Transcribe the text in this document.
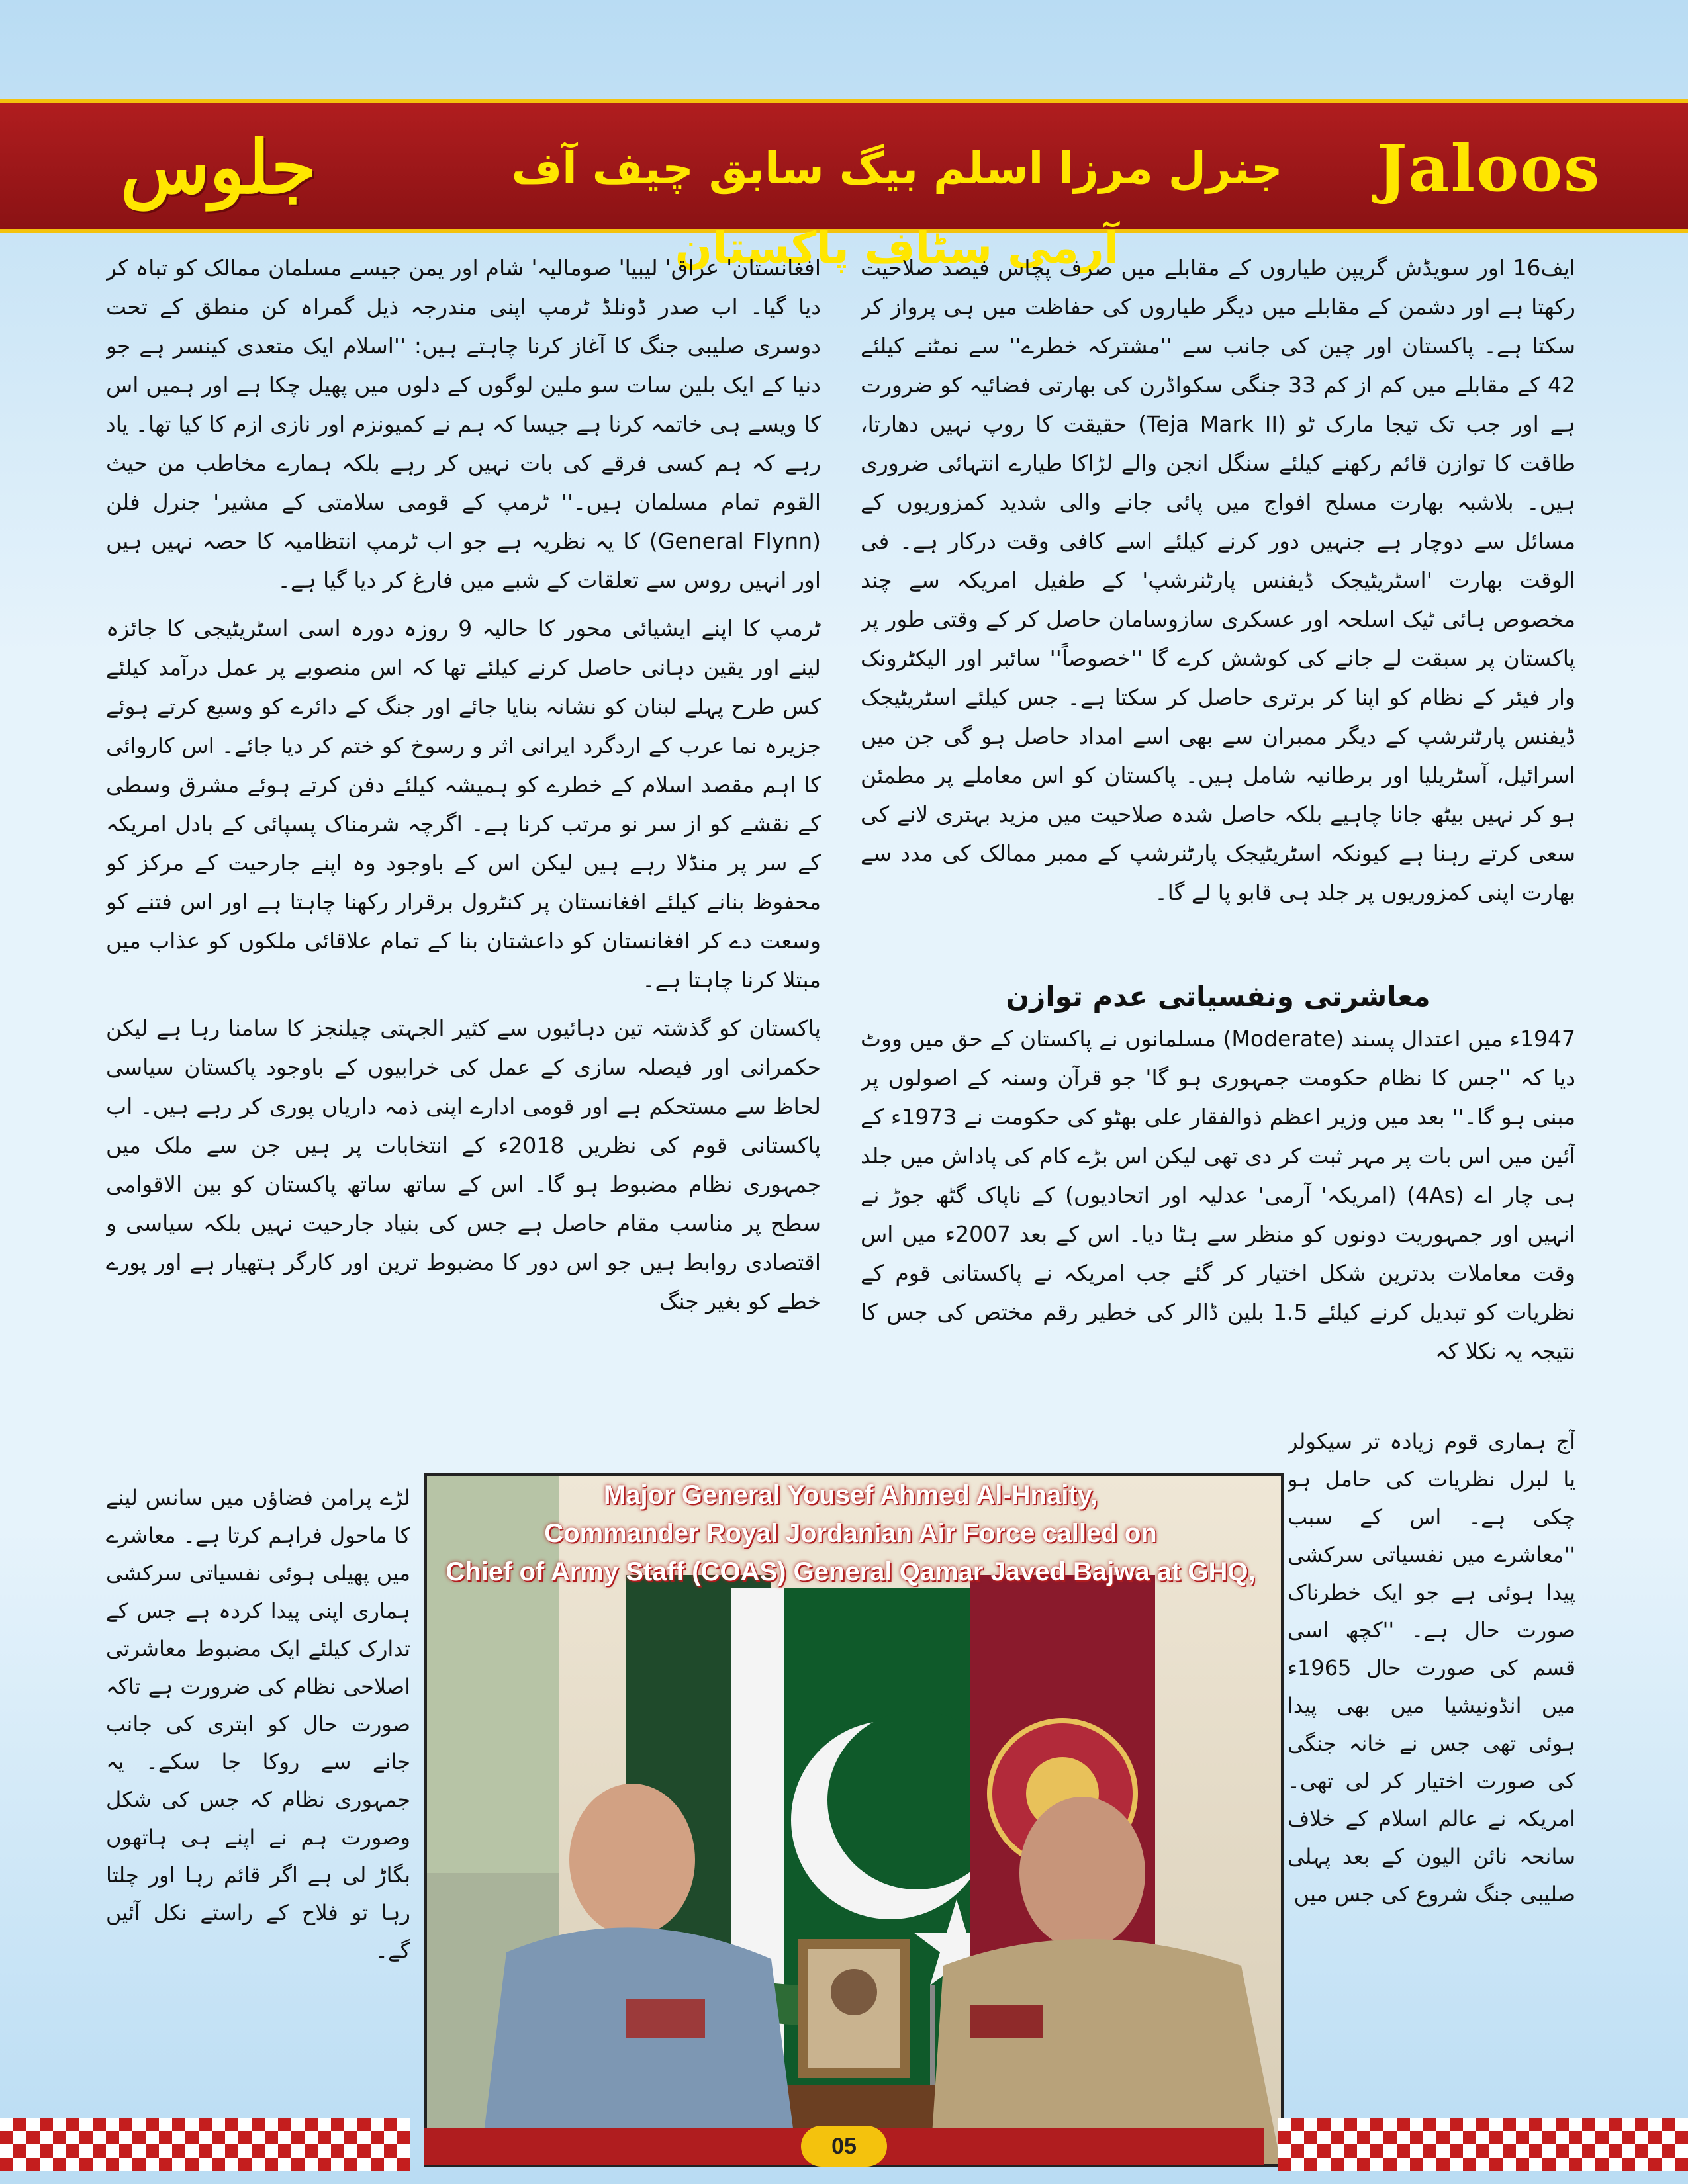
جلوس	جنرل مرزا اسلم بیگ سابق چیف آف آرمی سٹاف پاکستان
Jaloos

ایف16 اور سویڈش گریپن طیاروں کے مقابلے میں صرف پچاس فیصد صلاحیت رکھتا ہے اور دشمن کے مقابلے میں دیگر طیاروں کی حفاظت میں ہی پرواز کر سکتا ہے۔ پاکستان اور چین کی جانب سے ''مشترکہ خطرے'' سے نمٹنے کیلئے 42 کے مقابلے میں کم از کم 33 جنگی سکواڈرن کی بھارتی فضائیہ کو ضرورت ہے اور جب تک تیجا مارک ٹو (Teja Mark II) حقیقت کا روپ نہیں دھارتا، طاقت کا توازن قائم رکھنے کیلئے سنگل انجن والے لڑاکا طیارے انتہائی ضروری ہیں۔ بلاشبہ بھارت مسلح افواج میں پائی جانے والی شدید کمزوریوں کے مسائل سے دوچار ہے جنہیں دور کرنے کیلئے اسے کافی وقت درکار ہے۔ فی الوقت بھارت 'اسٹریٹیجک ڈیفنس پارٹنرشپ' کے طفیل امریکہ سے چند مخصوص ہائی ٹیک اسلحہ اور عسکری سازوسامان حاصل کر کے وقتی طور پر پاکستان پر سبقت لے جانے کی کوشش کرے گا ''خصوصاً'' سائبر اور الیکٹرونک وار فیئر کے نظام کو اپنا کر برتری حاصل کر سکتا ہے۔ جس کیلئے اسٹریٹیجک ڈیفنس پارٹنرشپ کے دیگر ممبران سے بھی اسے امداد حاصل ہو گی جن میں اسرائیل، آسٹریلیا اور برطانیہ شامل ہیں۔ پاکستان کو اس معاملے پر مطمئن ہو کر نہیں بیٹھ جانا چاہیے بلکہ حاصل شدہ صلاحیت میں مزید بہتری لانے کی سعی کرتے رہنا ہے کیونکہ اسٹریٹیجک پارٹنرشپ کے ممبر ممالک کی مدد سے بھارت اپنی کمزوریوں پر جلد ہی قابو پا لے گا۔

معاشرتی ونفسیاتی عدم توازن

1947ء میں اعتدال پسند (Moderate) مسلمانوں نے پاکستان کے حق میں ووٹ دیا کہ ''جس کا نظام حکومت جمہوری ہو گا' جو قرآن وسنہ کے اصولوں پر مبنی ہو گا۔'' بعد میں وزیر اعظم ذوالفقار علی بھٹو کی حکومت نے 1973ء کے آئین میں اس بات پر مہر ثبت کر دی تھی لیکن اس بڑے کام کی پاداش میں جلد ہی چار اے (4As) (امریکہ' آرمی' عدلیہ اور اتحادیوں) کے ناپاک گٹھ جوڑ نے انہیں اور جمہوریت دونوں کو منظر سے ہٹا دیا۔ اس کے بعد 2007ء میں اس وقت معاملات بدترین شکل اختیار کر گئے جب امریکہ نے پاکستانی قوم کے نظریات کو تبدیل کرنے کیلئے 1.5 بلین ڈالر کی خطیر رقم مختص کی جس کا نتیجہ یہ نکلا کہ

افغانستان' عراق' لیبیا' صومالیہ' شام اور یمن جیسے مسلمان ممالک کو تباہ کر دیا گیا۔ اب صدر ڈونلڈ ٹرمپ اپنی مندرجہ ذیل گمراہ کن منطق کے تحت دوسری صلیبی جنگ کا آغاز کرنا چاہتے ہیں: ''اسلام ایک متعدی کینسر ہے جو دنیا کے ایک بلین سات سو ملین لوگوں کے دلوں میں پھیل چکا ہے اور ہمیں اس کا ویسے ہی خاتمہ کرنا ہے جیسا کہ ہم نے کمیونزم اور نازی ازم کا کیا تھا۔ یاد رہے کہ ہم کسی فرقے کی بات نہیں کر رہے بلکہ ہمارے مخاطب من حیث القوم تمام مسلمان ہیں۔'' ٹرمپ کے قومی سلامتی کے مشیر' جنرل فلن (General Flynn) کا یہ نظریہ ہے جو اب ٹرمپ انتظامیہ کا حصہ نہیں ہیں اور انہیں روس سے تعلقات کے شبے میں فارغ کر دیا گیا ہے۔

ٹرمپ کا اپنے ایشیائی محور کا حالیہ 9 روزہ دورہ اسی اسٹریٹیجی کا جائزہ لینے اور یقین دہانی حاصل کرنے کیلئے تھا کہ اس منصوبے پر عمل درآمد کیلئے کس طرح پہلے لبنان کو نشانہ بنایا جائے اور جنگ کے دائرے کو وسیع کرتے ہوئے جزیرہ نما عرب کے اردگرد ایرانی اثر و رسوخ کو ختم کر دیا جائے۔ اس کاروائی کا اہم مقصد اسلام کے خطرے کو ہمیشہ کیلئے دفن کرتے ہوئے مشرق وسطی کے نقشے کو از سر نو مرتب کرنا ہے۔ اگرچہ شرمناک پسپائی کے بادل امریکہ کے سر پر منڈلا رہے ہیں لیکن اس کے باوجود وہ اپنے جارحیت کے مرکز کو محفوظ بنانے کیلئے افغانستان پر کنٹرول برقرار رکھنا چاہتا ہے اور اس فتنے کو وسعت دے کر افغانستان کو داعشتان بنا کے تمام علاقائی ملکوں کو عذاب میں مبتلا کرنا چاہتا ہے۔

پاکستان کو گذشتہ تین دہائیوں سے کثیر الجہتی چیلنجز کا سامنا رہا ہے لیکن حکمرانی اور فیصلہ سازی کے عمل کی خرابیوں کے باوجود پاکستان سیاسی لحاظ سے مستحکم ہے اور قومی ادارے اپنی ذمہ داریاں پوری کر رہے ہیں۔ اب پاکستانی قوم کی نظریں 2018ء کے انتخابات پر ہیں جن سے ملک میں جمہوری نظام مضبوط ہو گا۔ اس کے ساتھ ساتھ پاکستان کو بین الاقوامی سطح پر مناسب مقام حاصل ہے جس کی بنیاد جارحیت نہیں بلکہ سیاسی و اقتصادی روابط ہیں جو اس دور کا مضبوط ترین اور کارگر ہتھیار ہے اور پورے خطے کو بغیر جنگ

آج ہماری قوم زیادہ تر سیکولر یا لبرل نظریات کی حامل ہو چکی ہے۔ اس کے سبب ''معاشرے میں نفسیاتی سرکشی پیدا ہوئی ہے جو ایک خطرناک صورت حال ہے۔ ''کچھ اسی قسم کی صورت حال 1965ء میں انڈونیشیا میں بھی پیدا ہوئی تھی جس نے خانہ جنگی کی صورت اختیار کر لی تھی۔ امریکہ نے عالم اسلام کے خلاف سانحہ نائن الیون کے بعد پہلی صلیبی جنگ شروع کی جس میں
لڑے پرامن فضاؤں میں سانس لینے کا ماحول فراہم کرتا ہے۔ معاشرے میں پھیلی ہوئی نفسیاتی سرکشی ہماری اپنی پیدا کردہ ہے جس کے تدارک کیلئے ایک مضبوط معاشرتی اصلاحی نظام کی ضرورت ہے تاکہ صورت حال کو ابتری کی جانب جانے سے روکا جا سکے۔ یہ جمہوری نظام کہ جس کی شکل وصورت ہم نے اپنے ہی ہاتھوں بگاڑ لی ہے اگر قائم رہا اور چلتا رہا تو فلاح کے راستے نکل آئیں گے۔
Major General Yousef Ahmed Al-Hnaity,
Commander Royal Jordanian Air Force called on
Chief of Army Staff (COAS) General Qamar Javed Bajwa at GHQ,
05
